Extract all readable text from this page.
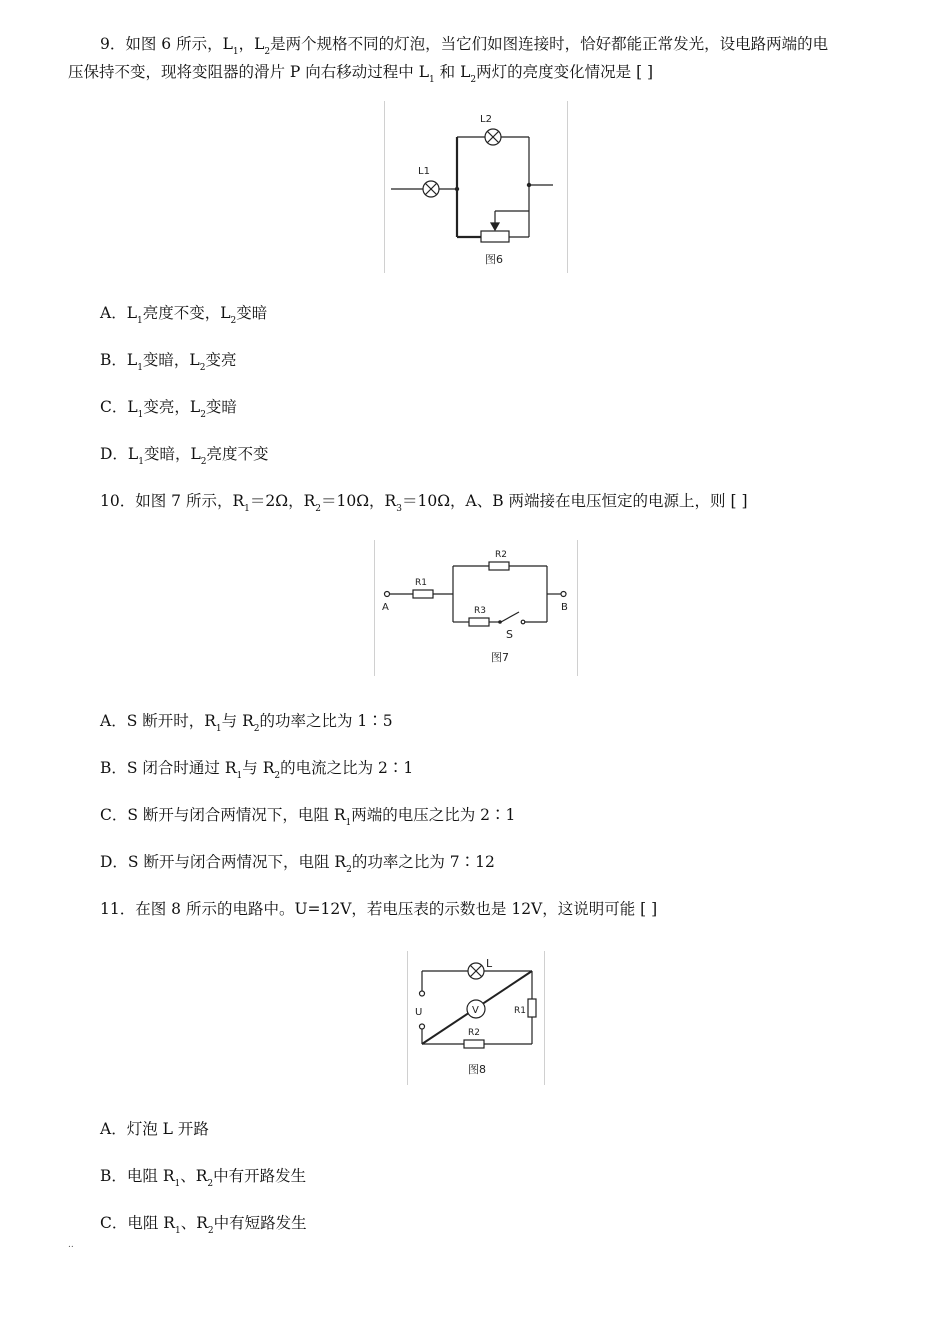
9．如图 6 所示，$L_1$，$L_2$是两个规格不同的灯泡，当它们如图连接时，恰好都能正常发光，设电路两端的电
压保持不变，现将变阻器的滑片 P 向右移动过程中 $L_1$ 和 $L_2$两灯的亮度变化情况是 [ ]
L1
L2
图6
A．$L_1$亮度不变，$L_2$变暗
B．$L_1$变暗，$L_2$变亮
C．$L_1$变亮，$L_2$变暗
D．$L_1$变暗，$L_2$亮度不变
10．如图 7 所示，$R_1=2\Omega$，$R_2=10\Omega$，$R_3=10\Omega$，A、B 两端接在电压恒定的电源上，则 [ ]
R1
R2
R3
A	B
S
图7
A．S 断开时，$R_1$与 $R_2$的功率之比为 1∶5
B．S 闭合时通过 $R_1$与 $R_2$的电流之比为 2∶1
C．S 断开与闭合两情况下，电阻 $R_1$两端的电压之比为 2∶1
D．S 断开与闭合两情况下，电阻 $R_2$的功率之比为 7∶12
11．在图 8 所示的电路中。U=12V，若电压表的示数也是 12V，这说明可能 [ ]
V
L
U	R1
R2
图8
A．灯泡 L 开路
B．电阻 $R_1$、$R_2$中有开路发生
C．电阻 $R_1$、$R_2$中有短路发生
..
